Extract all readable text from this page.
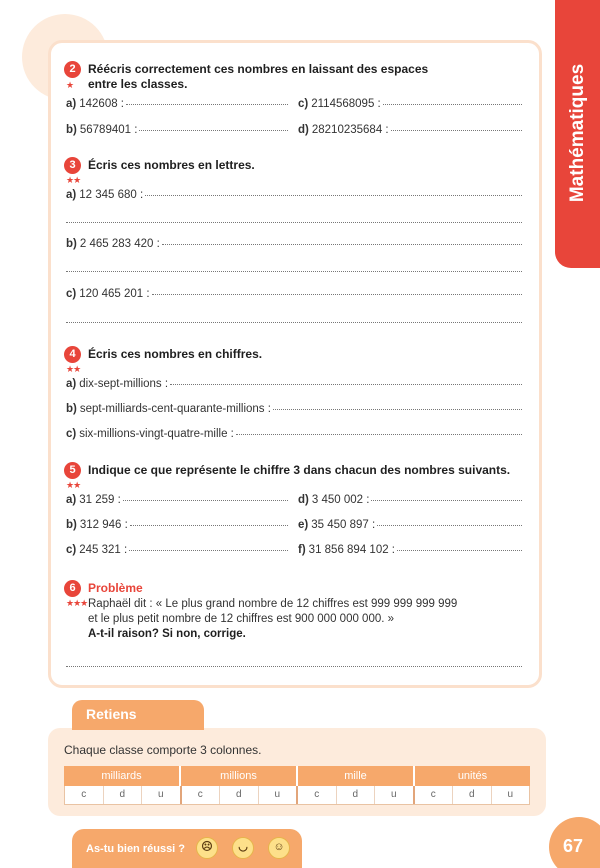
Mathématiques
2
★
Réécris correctement ces nombres en laissant des espaces
entre les classes.
a) 142608 :	c) 2114568095 :
b) 56789401 :	d) 28210235684 :
3
★★
Écris ces nombres en lettres.
a) 12 345 680 :
b) 2 465 283 420 :
c) 120 465 201 :
4
★★
Écris ces nombres en chiffres.
a) dix-sept-millions :
b) sept-milliards-cent-quarante-millions :
c) six-millions-vingt-quatre-mille :
5
★★
Indique ce que représente le chiffre 3 dans chacun des nombres suivants.
a) 31 259 :	d) 3 450 002 :
b) 312 946 :	e) 35 450 897 :
c) 245 321 :	f) 31 856 894 102 :
6
★★★
Problème
Raphaël dit : « Le plus grand nombre de 12 chiffres est 999 999 999 999
et le plus petit nombre de 12 chiffres est 900 000 000 000. »
A-t-il raison? Si non, corrige.
Retiens
Chaque classe comporte 3 colonnes.
milliards	millions	mille	unités
c	d	u	c	d	u	c	d	u	c	d	u
As-tu bien réussi ?	☹	◡	☺	67
